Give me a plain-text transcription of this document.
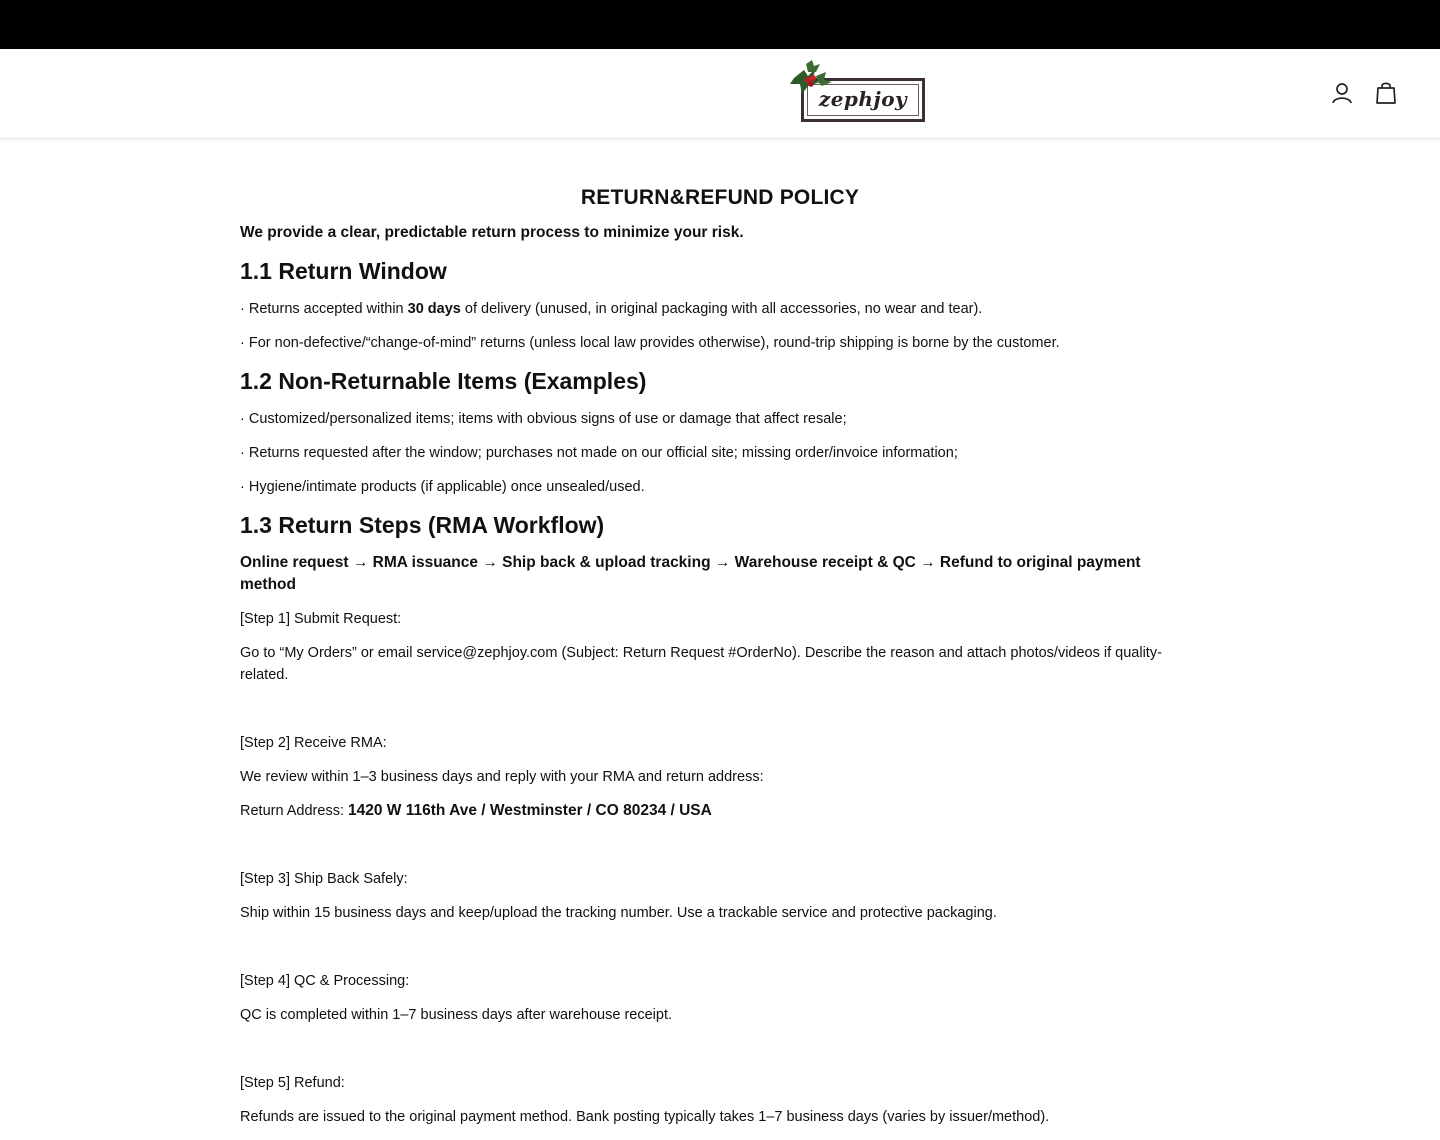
zephjoy
RETURN&REFUND POLICY

We provide a clear, predictable return process to minimize your risk.

1.1 Return Window

· Returns accepted within 30 days of delivery (unused, in original packaging with all accessories, no wear and tear).

· For non-defective/“change-of-mind” returns (unless local law provides otherwise), round-trip shipping is borne by the customer.

1.2 Non-Returnable Items (Examples)

· Customized/personalized items; items with obvious signs of use or damage that affect resale;

· Returns requested after the window; purchases not made on our official site; missing order/invoice information;

· Hygiene/intimate products (if applicable) once unsealed/used.

1.3 Return Steps (RMA Workflow)

Online request → RMA issuance → Ship back & upload tracking → Warehouse receipt & QC → Refund to original payment method

[Step 1] Submit Request:

Go to “My Orders” or email service@zephjoy.com (Subject: Return Request #OrderNo). Describe the reason and attach photos/videos if quality-related.

[Step 2] Receive RMA:

We review within 1–3 business days and reply with your RMA and return address:

Return Address: 1420 W 116th Ave / Westminster / CO 80234 / USA

[Step 3] Ship Back Safely:

Ship within 15 business days and keep/upload the tracking number. Use a trackable service and protective packaging.

[Step 4] QC & Processing:

QC is completed within 1–7 business days after warehouse receipt.

[Step 5] Refund:

Refunds are issued to the original payment method. Bank posting typically takes 1–7 business days (varies by issuer/method).
